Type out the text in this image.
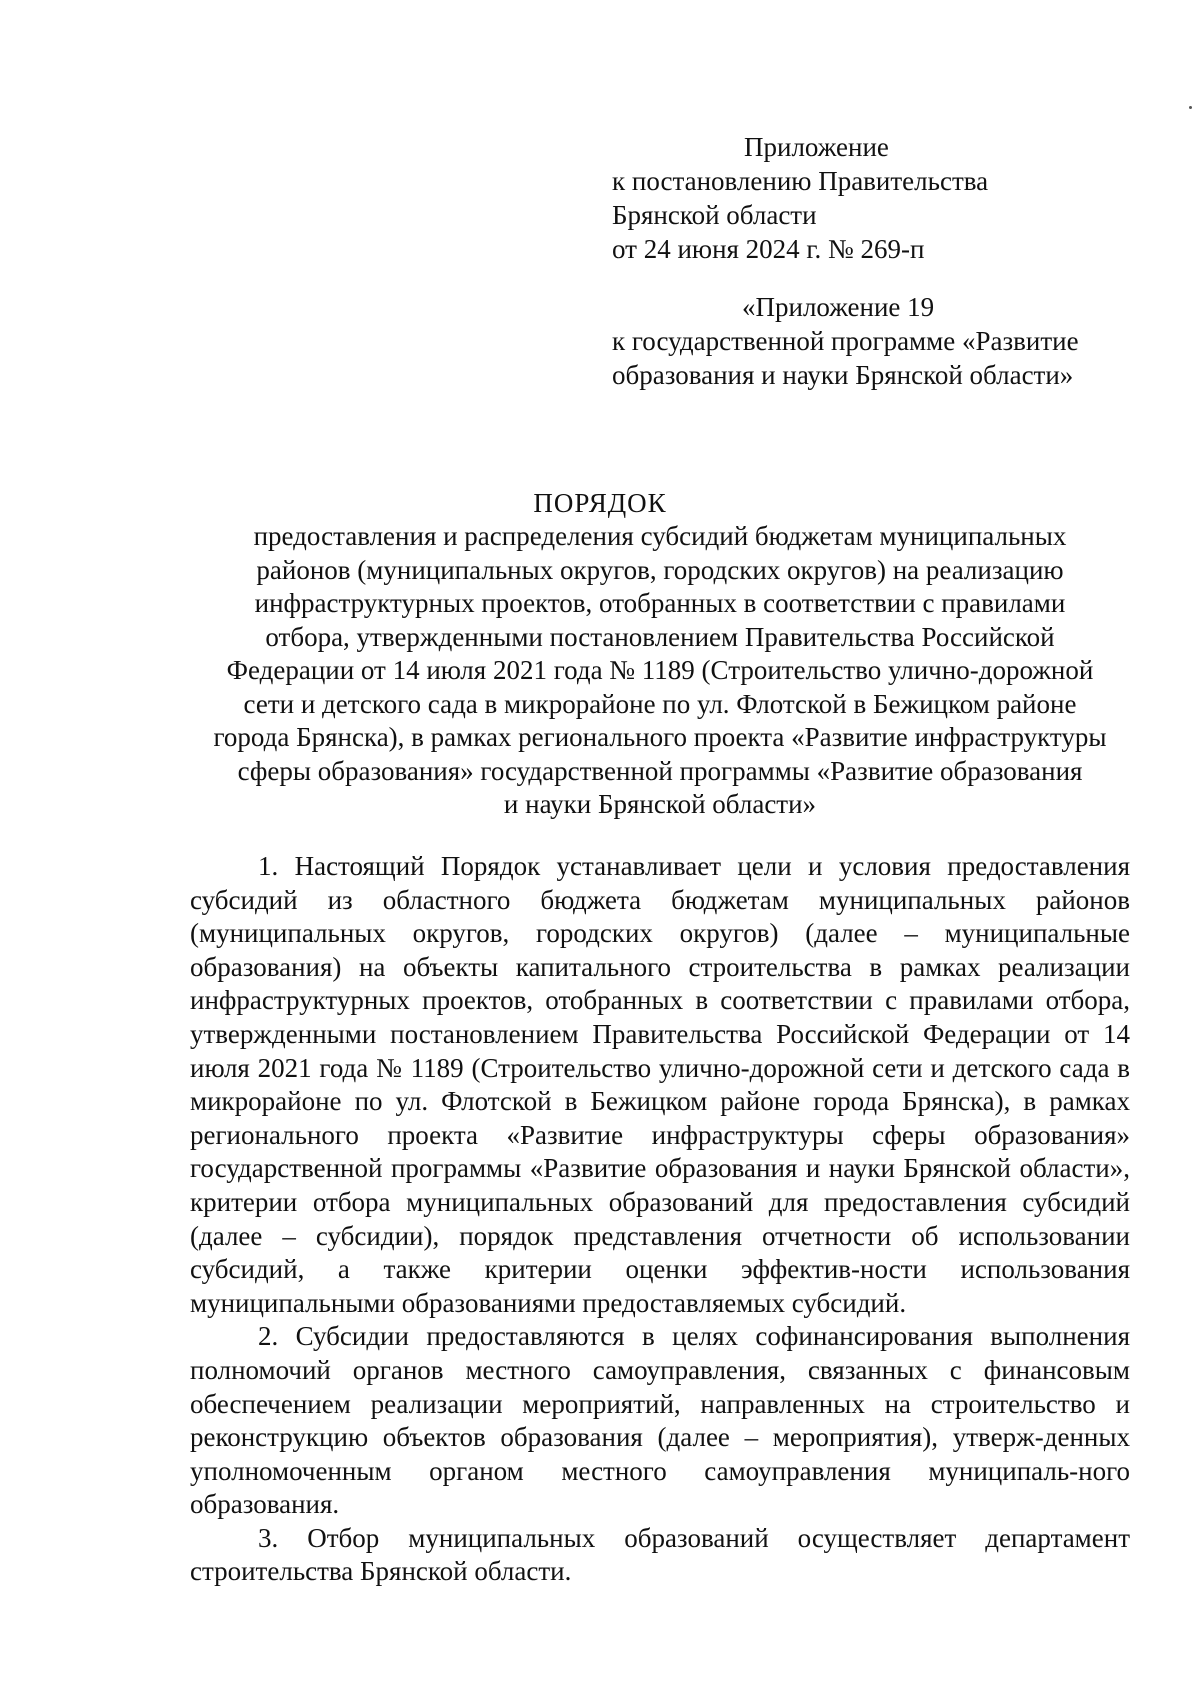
Приложение
к постановлению Правительства
Брянской области
от 24 июня 2024 г. № 269-п
«Приложение 19
к государственной программе «Развитие
образования и науки Брянской области»
ПОРЯДОК
предоставления и распределения субсидий бюджетам муниципальных
районов (муниципальных округов, городских округов) на реализацию
инфраструктурных проектов, отобранных в соответствии с правилами
отбора, утвержденными постановлением Правительства Российской
Федерации от 14 июля 2021 года № 1189 (Строительство улично-дорожной
сети и детского сада в микрорайоне по ул. Флотской в Бежицком районе
города Брянска), в рамках регионального проекта «Развитие инфраструктуры
сферы образования» государственной программы «Развитие образования
и науки Брянской области»

1. Настоящий Порядок устанавливает цели и условия предоставления субсидий из областного бюджета бюджетам муниципальных районов (муниципальных округов, городских округов) (далее – муниципальные образования) на объекты капитального строительства в рамках реализации инфраструктурных проектов, отобранных в соответствии с правилами отбора, утвержденными постановлением Правительства Российской Федерации от 14 июля 2021 года № 1189 (Строительство улично-дорожной сети и детского сада в микрорайоне по ул. Флотской в Бежицком районе города Брянска), в рамках регионального проекта «Развитие инфраструктуры сферы образования» государственной программы «Развитие образования и науки Брянской области», критерии отбора муниципальных образований для предоставления субсидий (далее – субсидии), порядок представления отчетности об использовании субсидий, а также критерии оценки эффектив-ности использования муниципальными образованиями предоставляемых субсидий.

2. Субсидии предоставляются в целях софинансирования выполнения полномочий органов местного самоуправления, связанных с финансовым обеспечением реализации мероприятий, направленных на строительство и реконструкцию объектов образования (далее – мероприятия), утверж-денных уполномоченным органом местного самоуправления муниципаль-ного образования.

3. Отбор муниципальных образований осуществляет департамент строительства Брянской области.
